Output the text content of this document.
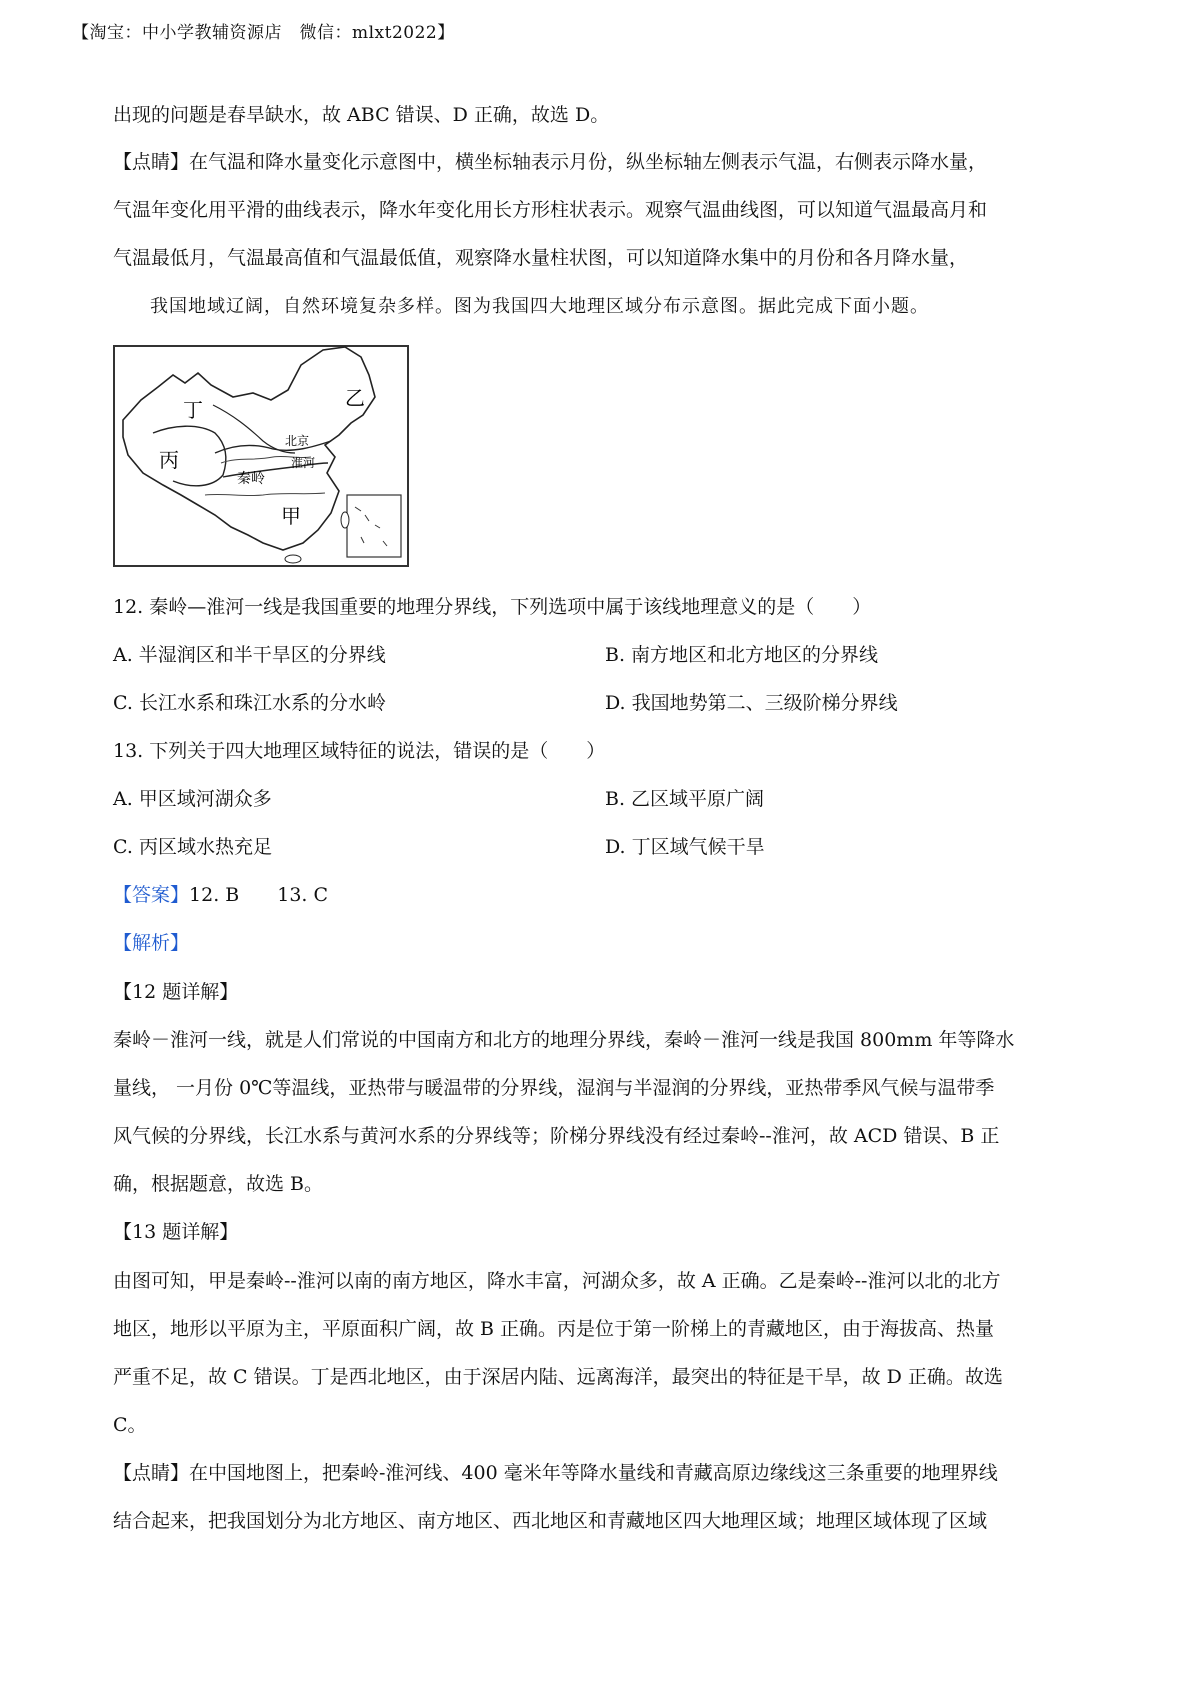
【淘宝：中小学教辅资源店　微信：mlxt2022】
出现的问题是春旱缺水，故 ABC 错误、D 正确，故选 D。
【点睛】在气温和降水量变化示意图中，横坐标轴表示月份，纵坐标轴左侧表示气温，右侧表示降水量，
气温年变化用平滑的曲线表示，降水年变化用长方形柱状表示。观察气温曲线图，可以知道气温最高月和
气温最低月，气温最高值和气温最低值，观察降水量柱状图，可以知道降水集中的月份和各月降水量，
我国地域辽阔，自然环境复杂多样。图为我国四大地理区域分布示意图。据此完成下面小题。
丁	乙
丙
甲
北京
秦岭
淮河
12. 秦岭—淮河一线是我国重要的地理分界线，下列选项中属于该线地理意义的是（　　）
A. 半湿润区和半干旱区的分界线	B. 南方地区和北方地区的分界线
C. 长江水系和珠江水系的分水岭	D. 我国地势第二、三级阶梯分界线
13. 下列关于四大地理区域特征的说法，错误的是（　　）
A. 甲区域河湖众多	B. 乙区域平原广阔
C. 丙区域水热充足	D. 丁区域气候干旱
【答案】12. B　　13. C
【解析】
【12 题详解】
秦岭－淮河一线，就是人们常说的中国南方和北方的地理分界线，秦岭－淮河一线是我国 800mm 年等降水
量线， 一月份 0℃等温线，亚热带与暖温带的分界线，湿润与半湿润的分界线，亚热带季风气候与温带季
风气候的分界线，长江水系与黄河水系的分界线等；阶梯分界线没有经过秦岭--淮河，故 ACD 错误、B 正
确，根据题意，故选 B。
【13 题详解】
由图可知，甲是秦岭--淮河以南的南方地区，降水丰富，河湖众多，故 A 正确。乙是秦岭--淮河以北的北方
地区，地形以平原为主，平原面积广阔，故 B 正确。丙是位于第一阶梯上的青藏地区，由于海拔高、热量
严重不足，故 C 错误。丁是西北地区，由于深居内陆、远离海洋，最突出的特征是干旱，故 D 正确。故选
C。
【点睛】在中国地图上，把秦岭-淮河线、400 毫米年等降水量线和青藏高原边缘线这三条重要的地理界线
结合起来，把我国划分为北方地区、南方地区、西北地区和青藏地区四大地理区域；地理区域体现了区域
